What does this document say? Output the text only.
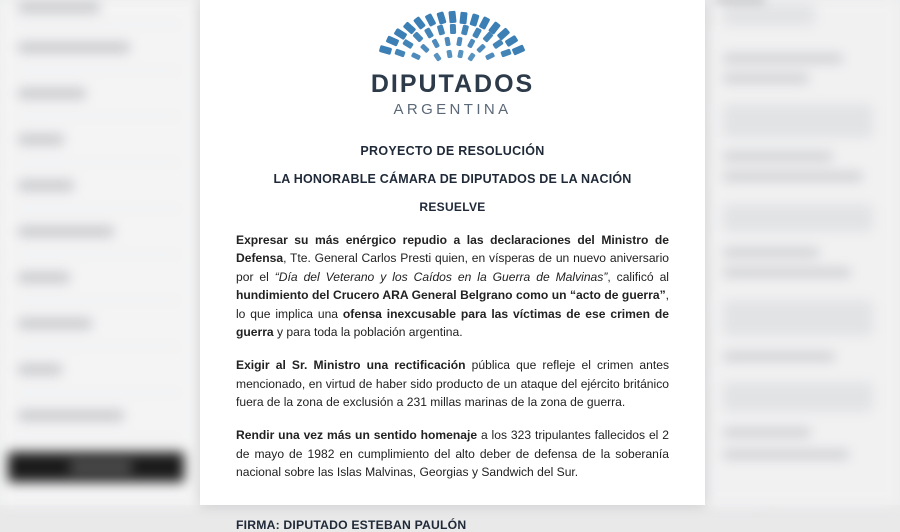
DIPUTADOS
ARGENTINA
PROYECTO DE RESOLUCIÓN
LA HONORABLE CÁMARA DE DIPUTADOS DE LA NACIÓN
RESUELVE
Expresar su más enérgico repudio a las declaraciones del Ministro de Defensa, Tte. General Carlos Presti quien, en vísperas de un nuevo aniversario por el “Día del Veterano y los Caídos en la Guerra de Malvinas”, calificó al hundimiento del Crucero ARA General Belgrano como un “acto de guerra”, lo que implica una ofensa inexcusable para las víctimas de ese crimen de guerra y para toda la población argentina.
Exigir al Sr. Ministro una rectificación pública que refleje el crimen antes mencionado, en virtud de haber sido producto de un ataque del ejército británico fuera de la zona de exclusión a 231 millas marinas de la zona de guerra.
Rendir una vez más un sentido homenaje a los 323 tripulantes fallecidos el 2 de mayo de 1982 en cumplimiento del alto deber de defensa de la soberanía nacional sobre las Islas Malvinas, Georgias y Sandwich del Sur.
FIRMA: DIPUTADO ESTEBAN PAULÓN
